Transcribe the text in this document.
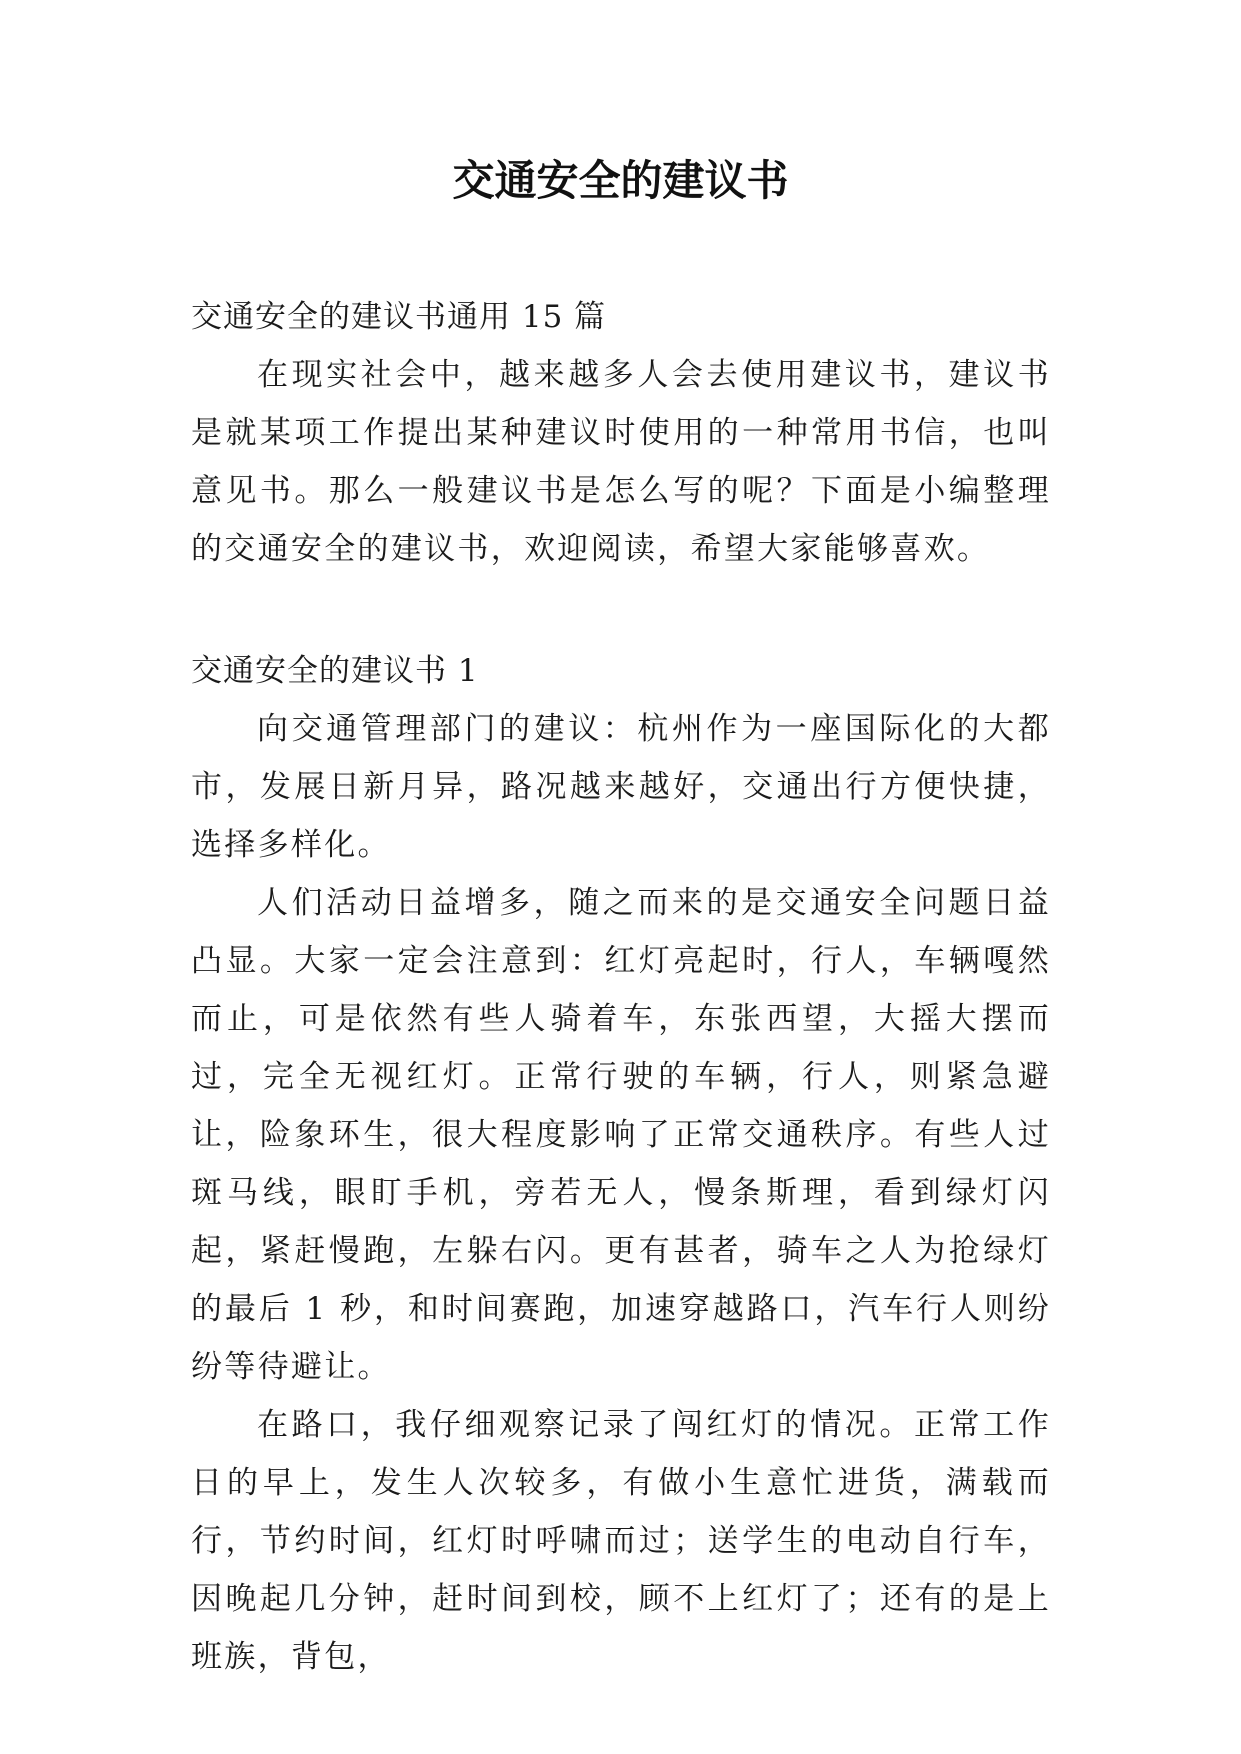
交通安全的建议书

交通安全的建议书通用 15 篇

在现实社会中，越来越多人会去使用建议书，建议书是就某项工作提出某种建议时使用的一种常用书信，也叫意见书。那么一般建议书是怎么写的呢？下面是小编整理的交通安全的建议书，欢迎阅读，希望大家能够喜欢。

交通安全的建议书 1

向交通管理部门的建议：杭州作为一座国际化的大都市，发展日新月异，路况越来越好，交通出行方便快捷，选择多样化。

人们活动日益增多，随之而来的是交通安全问题日益凸显。大家一定会注意到：红灯亮起时，行人，车辆嘎然而止，可是依然有些人骑着车，东张西望，大摇大摆而过，完全无视红灯。正常行驶的车辆，行人，则紧急避让，险象环生，很大程度影响了正常交通秩序。有些人过斑马线，眼盯手机，旁若无人，慢条斯理，看到绿灯闪起，紧赶慢跑，左躲右闪。更有甚者，骑车之人为抢绿灯的最后 1 秒，和时间赛跑，加速穿越路口，汽车行人则纷纷等待避让。

在路口，我仔细观察记录了闯红灯的情况。正常工作日的早上，发生人次较多，有做小生意忙进货，满载而行，节约时间，红灯时呼啸而过；送学生的电动自行车，因晚起几分钟，赶时间到校，顾不上红灯了；还有的是上班族，背包，
